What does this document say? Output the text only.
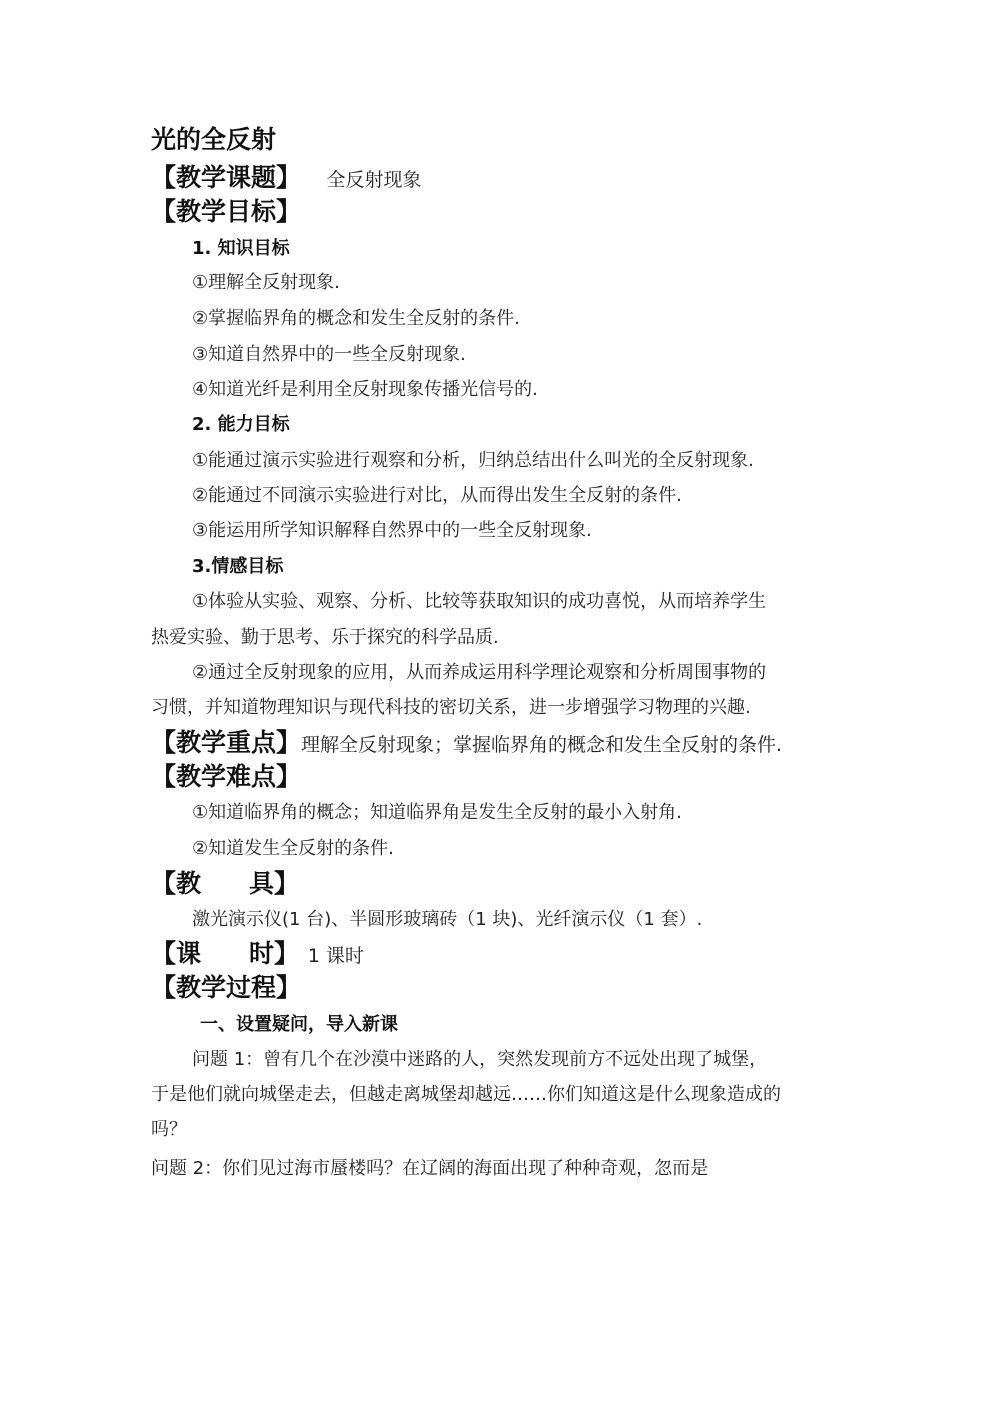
光的全反射
【教学课题】 全反射现象
【教学目标】
1. 知识目标
①理解全反射现象.
②掌握临界角的概念和发生全反射的条件.
③知道自然界中的一些全反射现象.
④知道光纤是利用全反射现象传播光信号的.
2. 能力目标
①能通过演示实验进行观察和分析，归纳总结出什么叫光的全反射现象.
②能通过不同演示实验进行对比，从而得出发生全反射的条件.
③能运用所学知识解释自然界中的一些全反射现象.
3.情感目标
①体验从实验、观察、分析、比较等获取知识的成功喜悦，从而培养学生
热爱实验、勤于思考、乐于探究的科学品质.
②通过全反射现象的应用，从而养成运用科学理论观察和分析周围事物的
习惯，并知道物理知识与现代科技的密切关系，进一步增强学习物理的兴趣.
【教学重点】理解全反射现象；掌握临界角的概念和发生全反射的条件.
【教学难点】
①知道临界角的概念；知道临界角是发生全反射的最小入射角.
②知道发生全反射的条件.
【教 具】
激光演示仪(1 台)、半圆形玻璃砖（1 块)、光纤演示仪（1 套）.
【课 时】 1 课时
【教学过程】
一、设置疑问，导入新课
问题 1：曾有几个在沙漠中迷路的人，突然发现前方不远处出现了城堡，
于是他们就向城堡走去，但越走离城堡却越远……你们知道这是什么现象造成的
吗？
问题 2：你们见过海市蜃楼吗？在辽阔的海面出现了种种奇观，忽而是
